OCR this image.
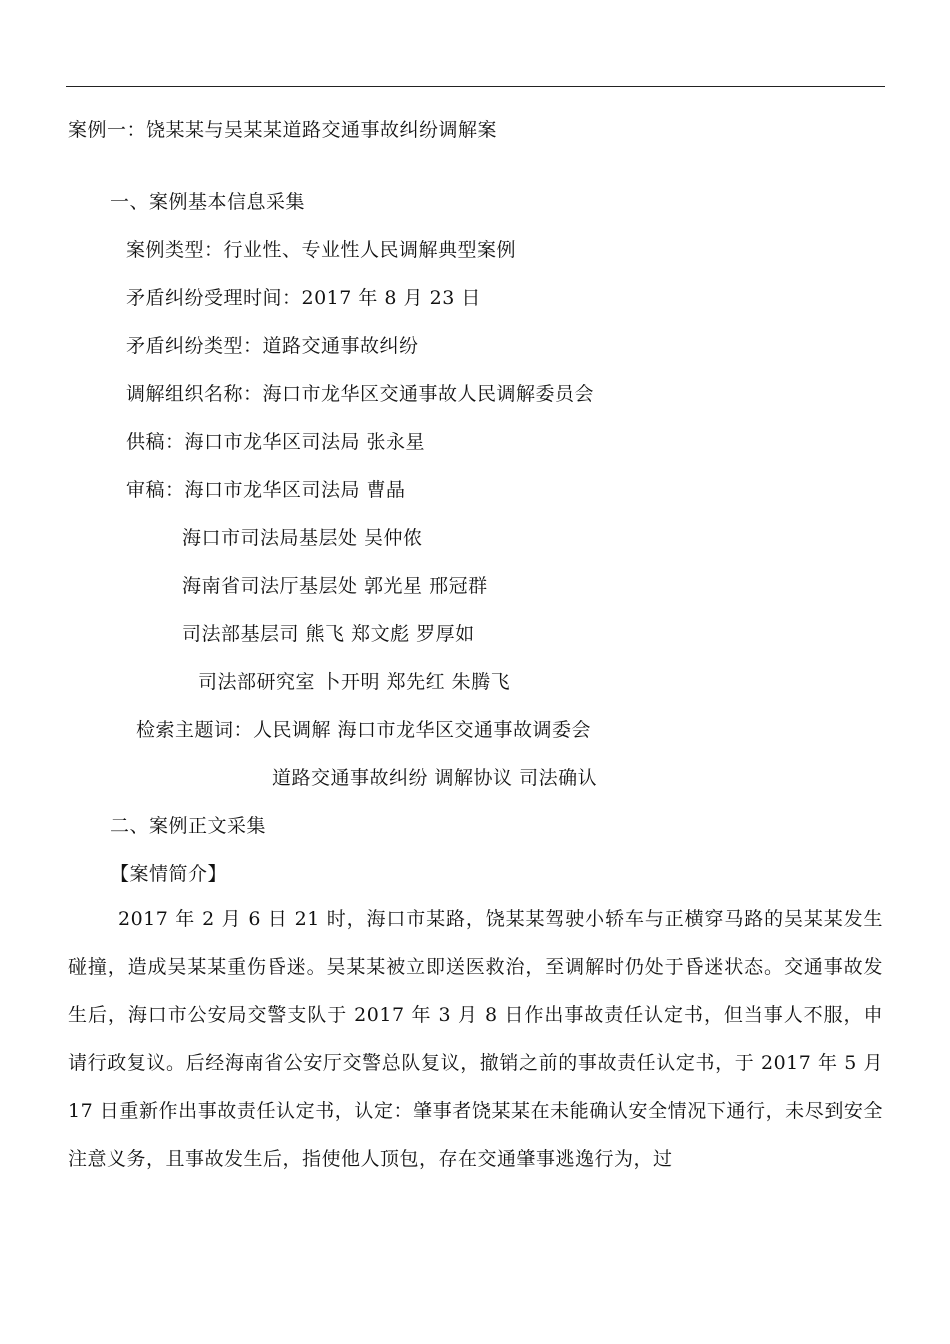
案例一：饶某某与吴某某道路交通事故纠纷调解案
一、案例基本信息采集
案例类型：行业性、专业性人民调解典型案例
矛盾纠纷受理时间：2017 年 8 月 23 日
矛盾纠纷类型：道路交通事故纠纷
调解组织名称：海口市龙华区交通事故人民调解委员会
供稿：海口市龙华区司法局 张永星
审稿：海口市龙华区司法局 曹晶
海口市司法局基层处 吴仲侬
海南省司法厅基层处 郭光星 邢冠群
司法部基层司 熊飞 郑文彪 罗厚如
司法部研究室 卜开明 郑先红 朱腾飞
检索主题词：人民调解 海口市龙华区交通事故调委会
道路交通事故纠纷 调解协议 司法确认
二、案例正文采集
【案情简介】

2017 年 2 月 6 日 21 时，海口市某路，饶某某驾驶小轿车与正横穿马路的吴某某发生碰撞，造成吴某某重伤昏迷。吴某某被立即送医救治，至调解时仍处于昏迷状态。交通事故发生后，海口市公安局交警支队于 2017 年 3 月 8 日作出事故责任认定书，但当事人不服，申请行政复议。后经海南省公安厅交警总队复议，撤销之前的事故责任认定书，于 2017 年 5 月 17 日重新作出事故责任认定书，认定：肇事者饶某某在未能确认安全情况下通行，未尽到安全注意义务，且事故发生后，指使他人顶包，存在交通肇事逃逸行为，过
